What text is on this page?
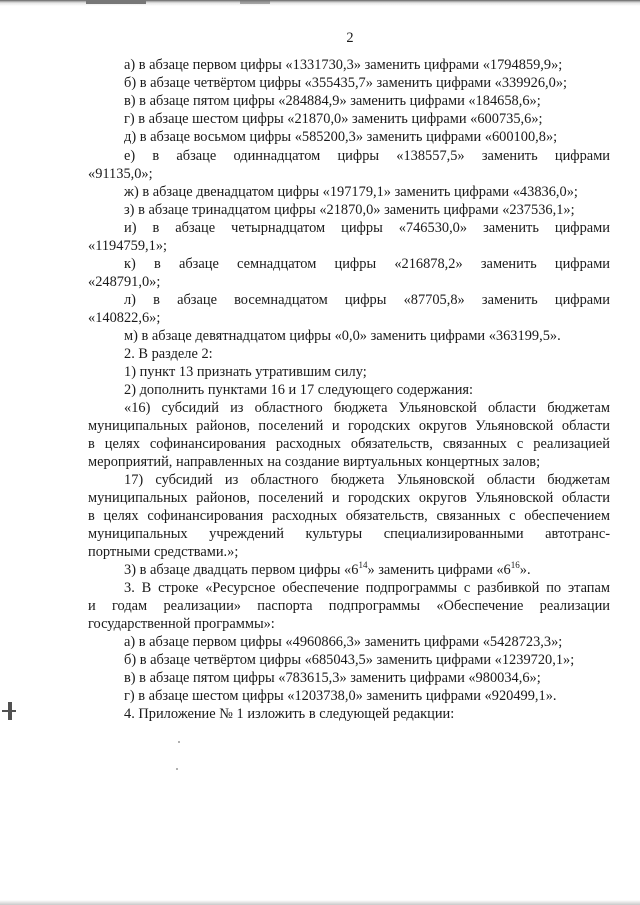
2
а) в абзаце первом цифры «1331730,3» заменить цифрами «1794859,9»;
б) в абзаце четвёртом цифры «355435,7» заменить цифрами «339926,0»;
в) в абзаце пятом цифры «284884,9» заменить цифрами «184658,6»;
г) в абзаце шестом цифры «21870,0» заменить цифрами «600735,6»;
д) в абзаце восьмом цифры «585200,3» заменить цифрами «600100,8»;
е) в абзаце одиннадцатом цифры «138557,5» заменить цифрами
«91135,0»;
ж) в абзаце двенадцатом цифры «197179,1» заменить цифрами «43836,0»;
з) в абзаце тринадцатом цифры «21870,0» заменить цифрами «237536,1»;
и) в абзаце четырнадцатом цифры «746530,0» заменить цифрами
«1194759,1»;
к) в абзаце семнадцатом цифры «216878,2» заменить цифрами
«248791,0»;
л) в абзаце восемнадцатом цифры «87705,8» заменить цифрами
«140822,6»;
м) в абзаце девятнадцатом цифры «0,0» заменить цифрами «363199,5».
2. В разделе 2:
1) пункт 13 признать утратившим силу;
2) дополнить пунктами 16 и 17 следующего содержания:
«16) субсидий из областного бюджета Ульяновской области бюджетам
муниципальных районов, поселений и городских округов Ульяновской области
в целях софинансирования расходных обязательств, связанных с реализацией
мероприятий, направленных на создание виртуальных концертных залов;
17) субсидий из областного бюджета Ульяновской области бюджетам
муниципальных районов, поселений и городских округов Ульяновской области
в целях софинансирования расходных обязательств, связанных с обеспечением
муниципальных учреждений культуры специализированными автотранс-
портными средствами.»;
3) в абзаце двадцать первом цифры «$6^{14}$» заменить цифрами «$6^{16}$».
3. В строке «Ресурсное обеспечение подпрограммы с разбивкой по этапам
и годам реализации» паспорта подпрограммы «Обеспечение реализации
государственной программы»:
а) в абзаце первом цифры «4960866,3» заменить цифрами «5428723,3»;
б) в абзаце четвёртом цифры «685043,5» заменить цифрами «1239720,1»;
в) в абзаце пятом цифры «783615,3» заменить цифрами «980034,6»;
г) в абзаце шестом цифры «1203738,0» заменить цифрами «920499,1».
4. Приложение № 1 изложить в следующей редакции:
